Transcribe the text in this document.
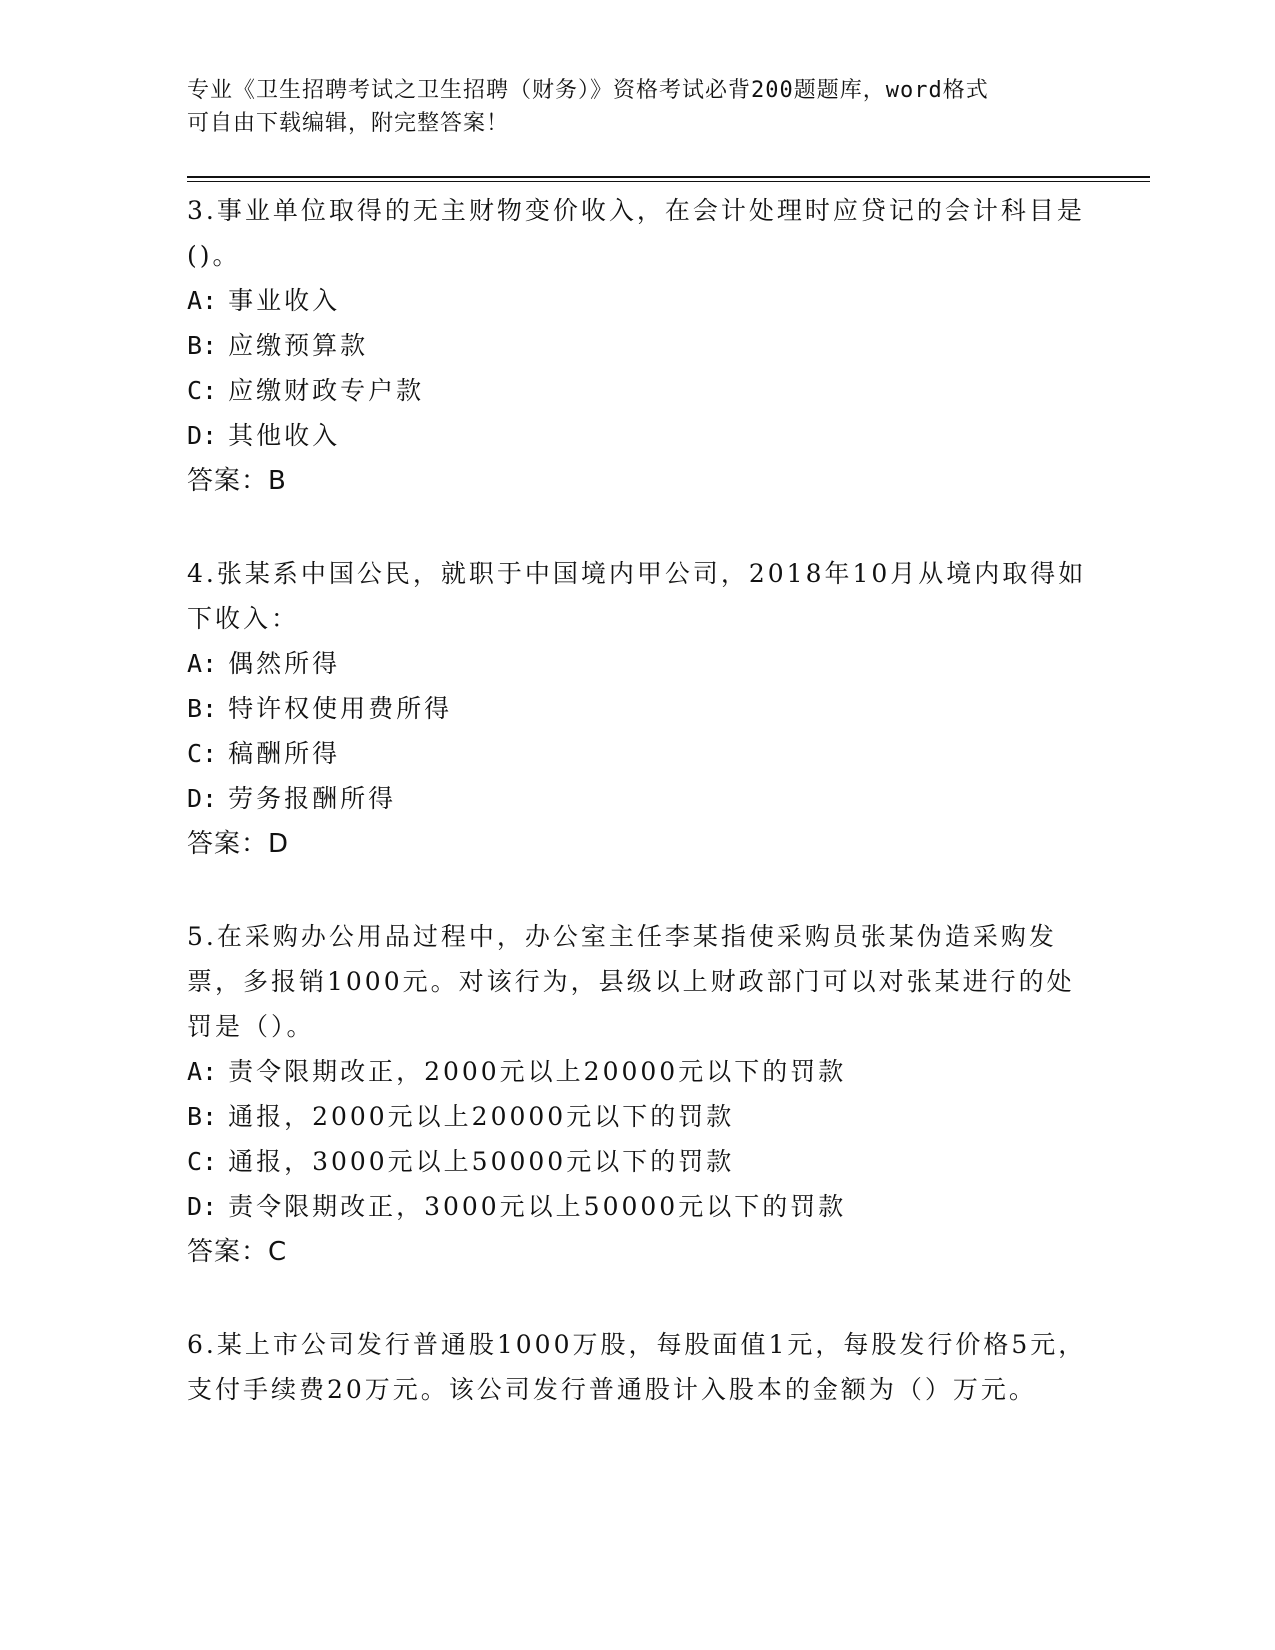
专业《卫生招聘考试之卫生招聘（财务）》资格考试必背200题题库，word格式
可自由下载编辑，附完整答案！

3.事业单位取得的无主财物变价收入，在会计处理时应贷记的会计科目是()。

A: 事业收入

B: 应缴预算款

C: 应缴财政专户款

D: 其他收入

答案：B

4.张某系中国公民，就职于中国境内甲公司，2018年10月从境内取得如下收入：

A: 偶然所得

B: 特许权使用费所得

C: 稿酬所得

D: 劳务报酬所得

答案：D

5.在采购办公用品过程中，办公室主任李某指使采购员张某伪造采购发票，多报销1000元。对该行为，县级以上财政部门可以对张某进行的处罚是（）。

A: 责令限期改正，2000元以上20000元以下的罚款

B: 通报，2000元以上20000元以下的罚款

C: 通报，3000元以上50000元以下的罚款

D: 责令限期改正，3000元以上50000元以下的罚款

答案：C

6.某上市公司发行普通股1000万股，每股面值1元，每股发行价格5元，支付手续费20万元。该公司发行普通股计入股本的金额为（）万元。
